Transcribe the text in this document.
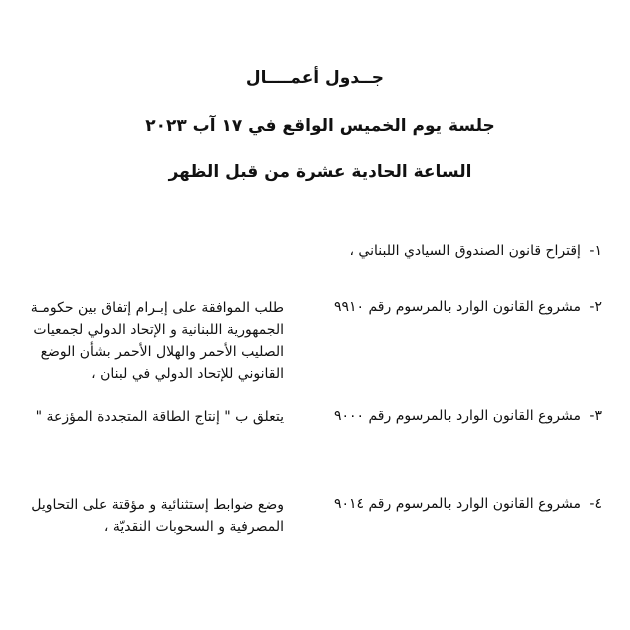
جــدول أعمــــال
جلسة يوم الخميس الواقع في ١٧ آب ٢٠٢٣
الساعة الحادية عشرة من قبل الظهر
١- إقتراح قانون الصندوق السيادي اللبناني ،
٢- مشروع القانون الوارد بالمرسوم رقم ٩٩١٠
طلب الموافقة على إبـرام إتفاق بين حكومـة
الجمهورية اللبنانية و الإتحاد الدولي لجمعيات
الصليب الأحمر والهلال الأحمر بشأن الوضع
القانوني للإتحاد الدولي في لبنان ،
٣- مشروع القانون الوارد بالمرسوم رقم ٩٠٠٠
يتعلق ب " إنتاج الطاقة المتجددة المؤزعة "
٤- مشروع القانون الوارد بالمرسوم رقم ٩٠١٤
وضع ضوابط إستثنائية و مؤقتة على التحاويل
المصرفية و السحوبات النقديّة ،
